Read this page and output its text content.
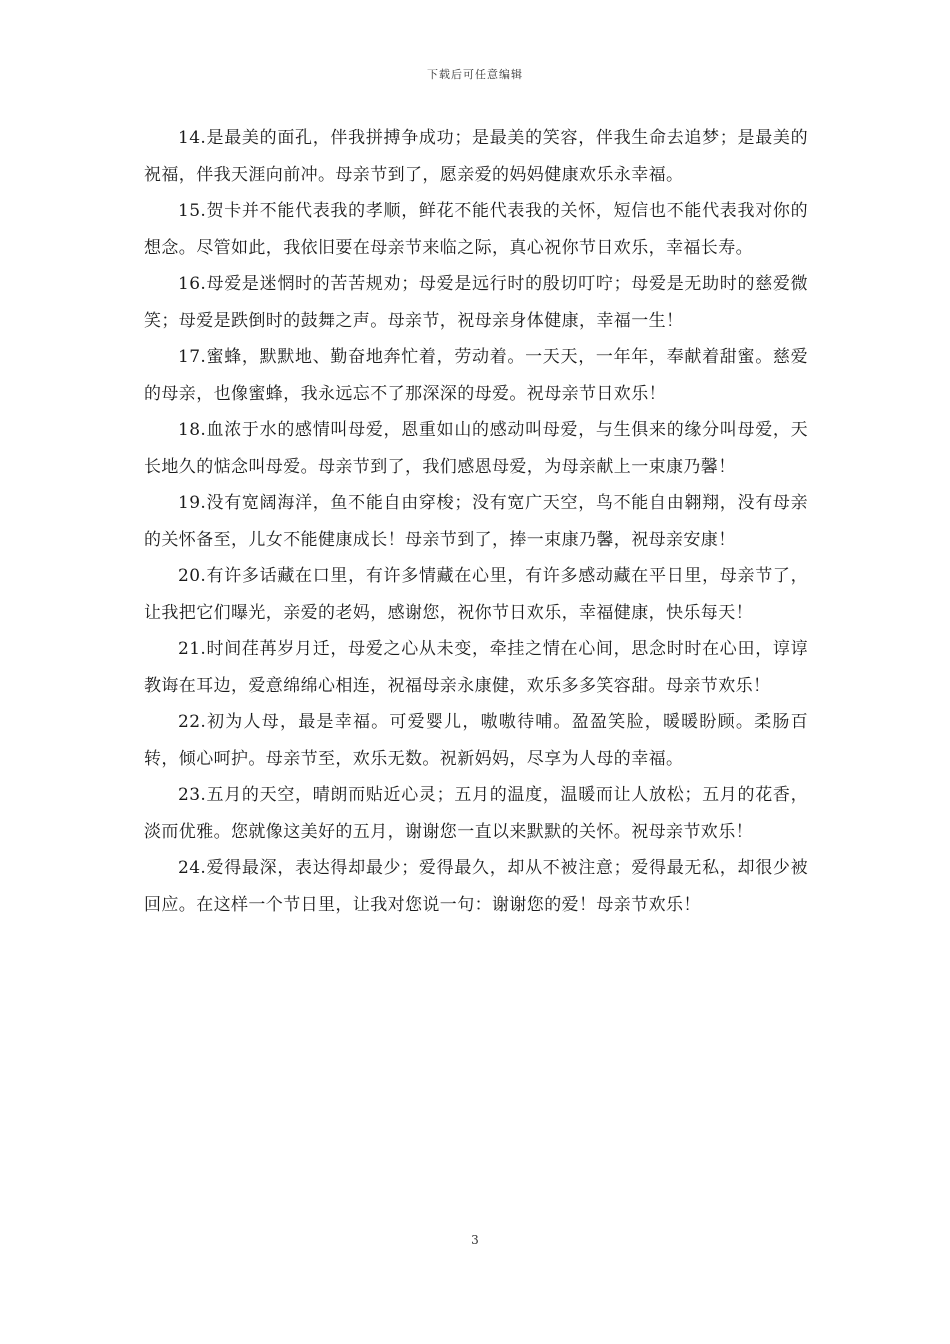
下载后可任意编辑

14.是最美的面孔，伴我拼搏争成功；是最美的笑容，伴我生命去追梦；是最美的祝福，伴我天涯向前冲。母亲节到了，愿亲爱的妈妈健康欢乐永幸福。

15.贺卡并不能代表我的孝顺，鲜花不能代表我的关怀，短信也不能代表我对你的想念。尽管如此，我依旧要在母亲节来临之际，真心祝你节日欢乐，幸福长寿。

16.母爱是迷惘时的苦苦规劝；母爱是远行时的殷切叮咛；母爱是无助时的慈爱微笑；母爱是跌倒时的鼓舞之声。母亲节，祝母亲身体健康，幸福一生！

17.蜜蜂，默默地、勤奋地奔忙着，劳动着。一天天，一年年，奉献着甜蜜。慈爱的母亲，也像蜜蜂，我永远忘不了那深深的母爱。祝母亲节日欢乐！

18.血浓于水的感情叫母爱，恩重如山的感动叫母爱，与生俱来的缘分叫母爱，天长地久的惦念叫母爱。母亲节到了，我们感恩母爱，为母亲献上一束康乃馨！

19.没有宽阔海洋，鱼不能自由穿梭；没有宽广天空，鸟不能自由翱翔，没有母亲的关怀备至，儿女不能健康成长！母亲节到了，捧一束康乃馨，祝母亲安康！

20.有许多话藏在口里，有许多情藏在心里，有许多感动藏在平日里，母亲节了，让我把它们曝光，亲爱的老妈，感谢您，祝你节日欢乐，幸福健康，快乐每天！

21.时间荏苒岁月迁，母爱之心从未变，牵挂之情在心间，思念时时在心田，谆谆教诲在耳边，爱意绵绵心相连，祝福母亲永康健，欢乐多多笑容甜。母亲节欢乐！

22.初为人母，最是幸福。可爱婴儿，嗷嗷待哺。盈盈笑脸，暖暖盼顾。柔肠百转，倾心呵护。母亲节至，欢乐无数。祝新妈妈，尽享为人母的幸福。

23.五月的天空，晴朗而贴近心灵；五月的温度，温暖而让人放松；五月的花香，淡而优雅。您就像这美好的五月，谢谢您一直以来默默的关怀。祝母亲节欢乐！

24.爱得最深，表达得却最少；爱得最久，却从不被注意；爱得最无私，却很少被回应。在这样一个节日里，让我对您说一句：谢谢您的爱！母亲节欢乐！

3
